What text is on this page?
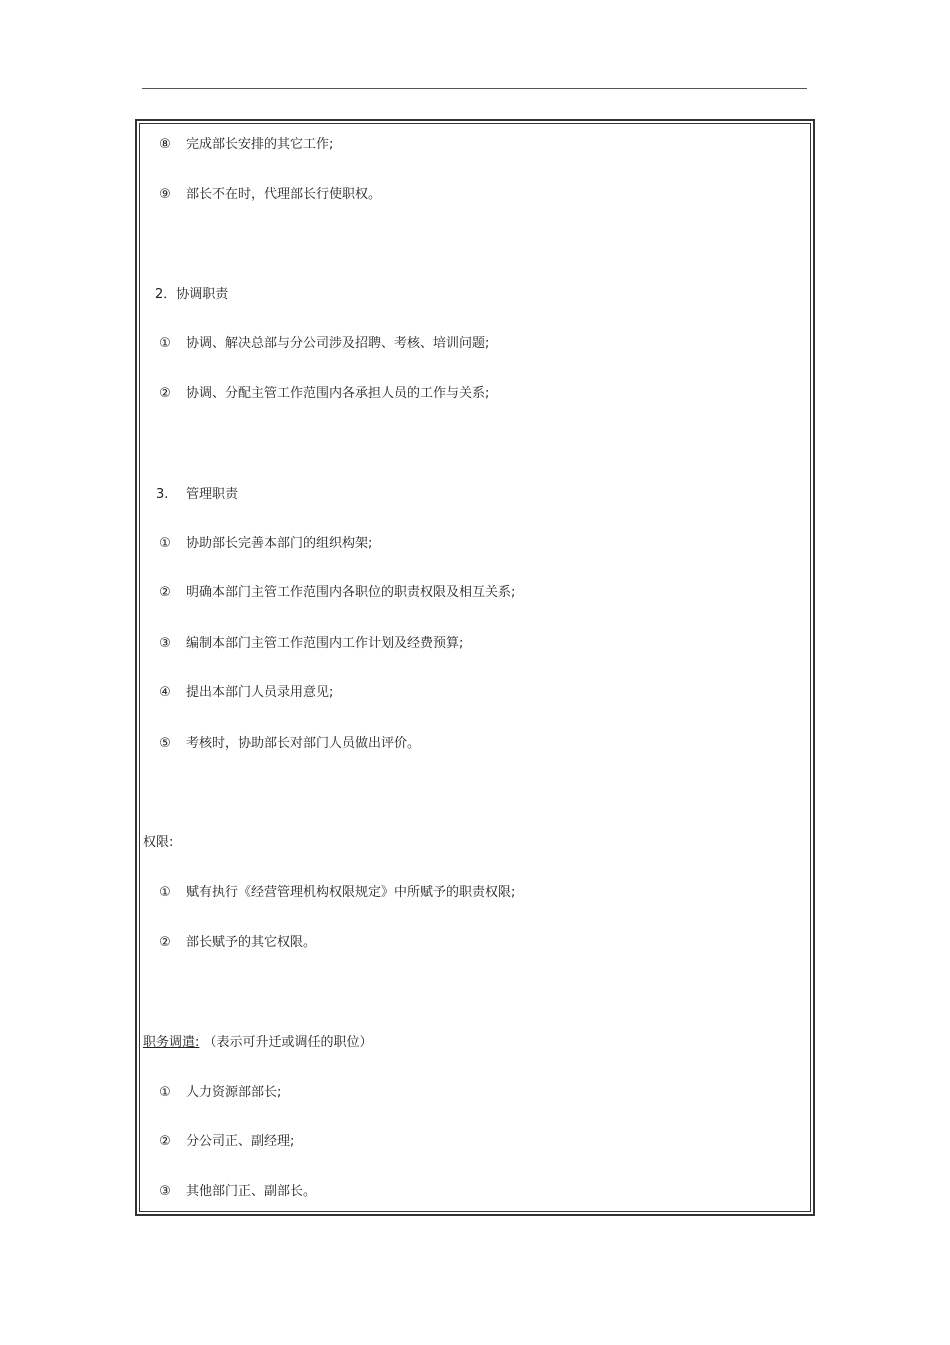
⑧ 完成部长安排的其它工作;
⑨ 部长不在时，代理部长行使职权。
2．协调职责
① 协调、解决总部与分公司涉及招聘、考核、培训问题;
② 协调、分配主管工作范围内各承担人员的工作与关系;
3. 管理职责
① 协助部长完善本部门的组织构架;
② 明确本部门主管工作范围内各职位的职责权限及相互关系;
③ 编制本部门主管工作范围内工作计划及经费预算;
④ 提出本部门人员录用意见;
⑤ 考核时，协助部长对部门人员做出评价。
权限:
① 赋有执行《经营管理机构权限规定》中所赋予的职责权限;
② 部长赋予的其它权限。
职务调遣: （表示可升迁或调任的职位）
① 人力资源部部长;
② 分公司正、副经理;
③ 其他部门正、副部长。
